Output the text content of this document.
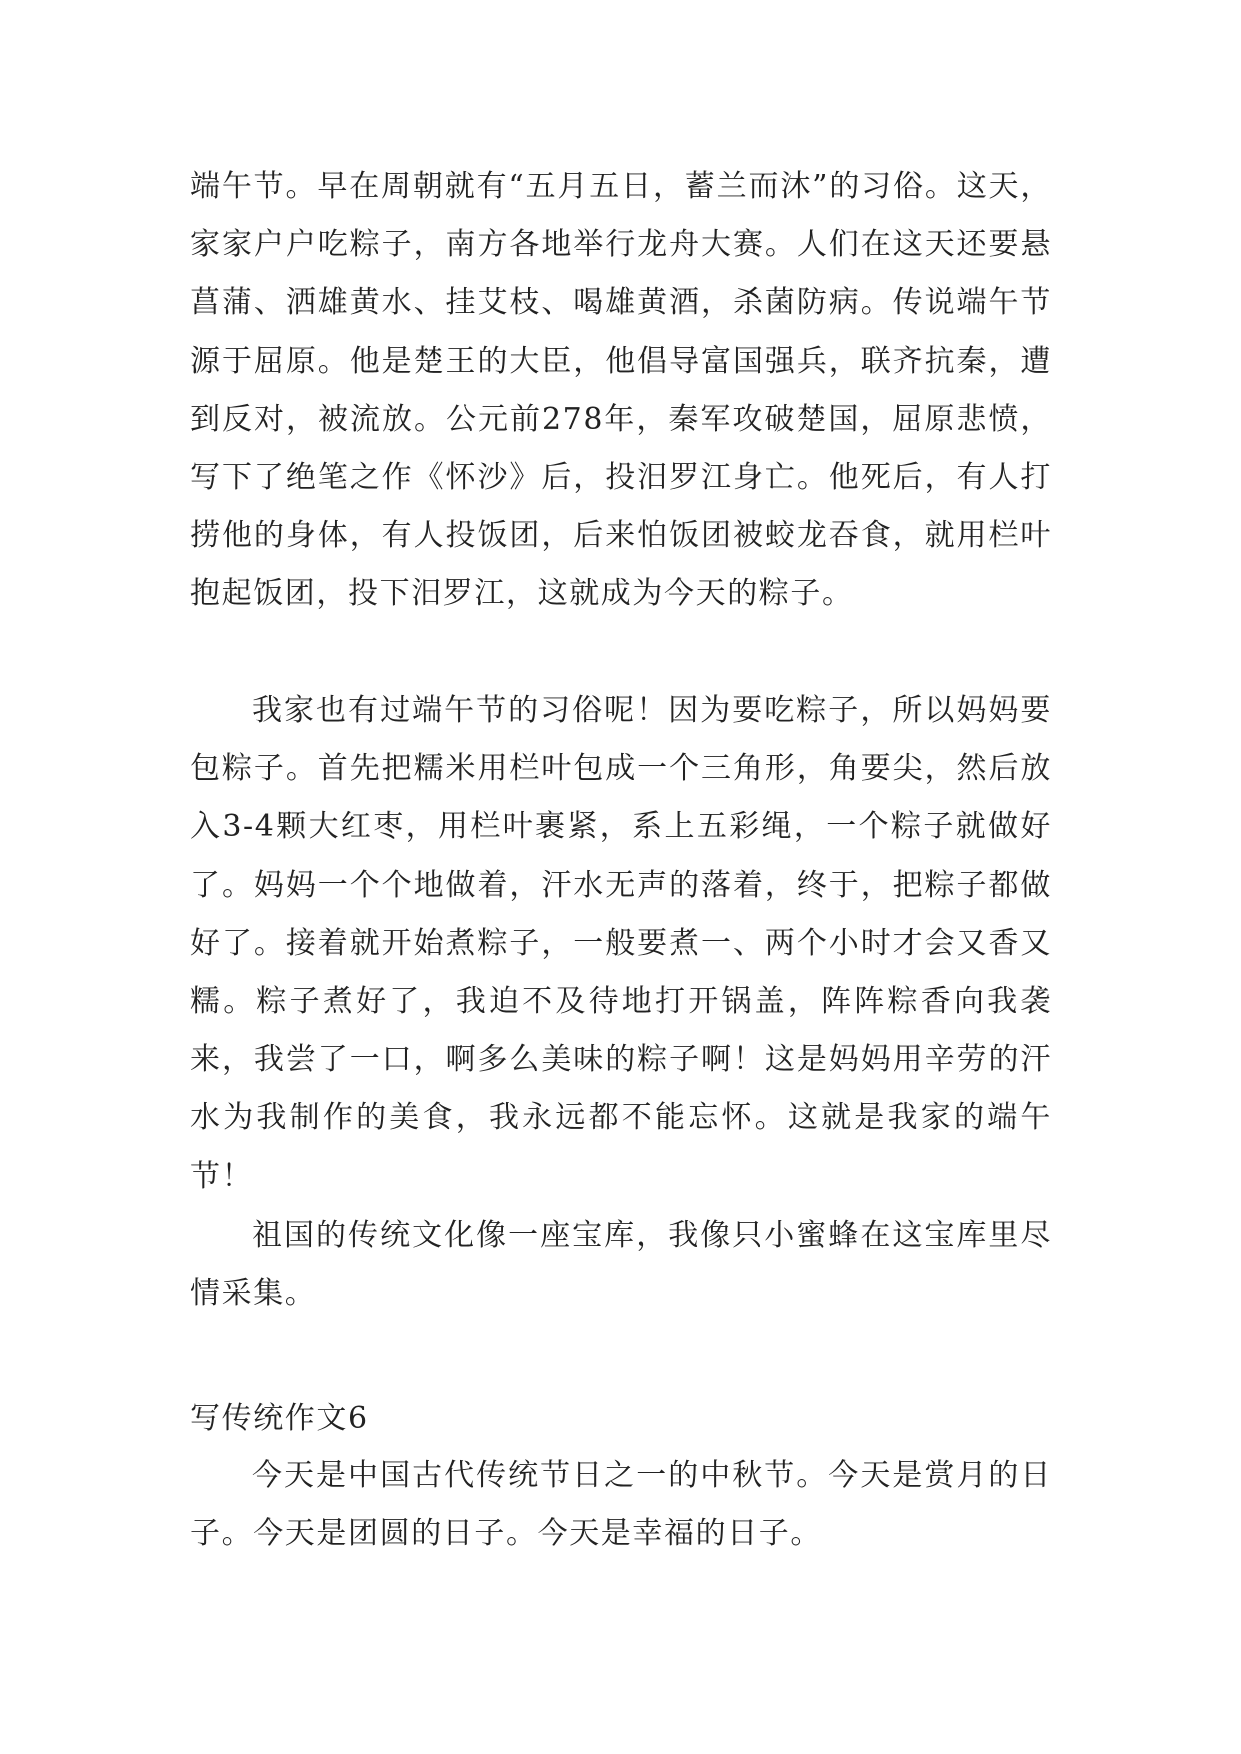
端午节。早在周朝就有“五月五日，蓄兰而沐”的习俗。这天，家家户户吃粽子，南方各地举行龙舟大赛。人们在这天还要悬菖蒲、洒雄黄水、挂艾枝、喝雄黄酒，杀菌防病。传说端午节源于屈原。他是楚王的大臣，他倡导富国强兵，联齐抗秦，遭到反对，被流放。公元前278年，秦军攻破楚国，屈原悲愤，写下了绝笔之作《怀沙》后，投汨罗江身亡。他死后，有人打捞他的身体，有人投饭团，后来怕饭团被蛟龙吞食，就用栏叶抱起饭团，投下汨罗江，这就成为今天的粽子。

我家也有过端午节的习俗呢！因为要吃粽子，所以妈妈要包粽子。首先把糯米用栏叶包成一个三角形，角要尖，然后放入3-4颗大红枣，用栏叶裹紧，系上五彩绳，一个粽子就做好了。妈妈一个个地做着，汗水无声的落着，终于，把粽子都做好了。接着就开始煮粽子，一般要煮一、两个小时才会又香又糯。粽子煮好了，我迫不及待地打开锅盖，阵阵粽香向我袭来，我尝了一口，啊多么美味的粽子啊！这是妈妈用辛劳的汗水为我制作的美食，我永远都不能忘怀。这就是我家的端午节！

祖国的传统文化像一座宝库，我像只小蜜蜂在这宝库里尽情采集。

写传统作文6

今天是中国古代传统节日之一的中秋节。今天是赏月的日子。今天是团圆的日子。今天是幸福的日子。
